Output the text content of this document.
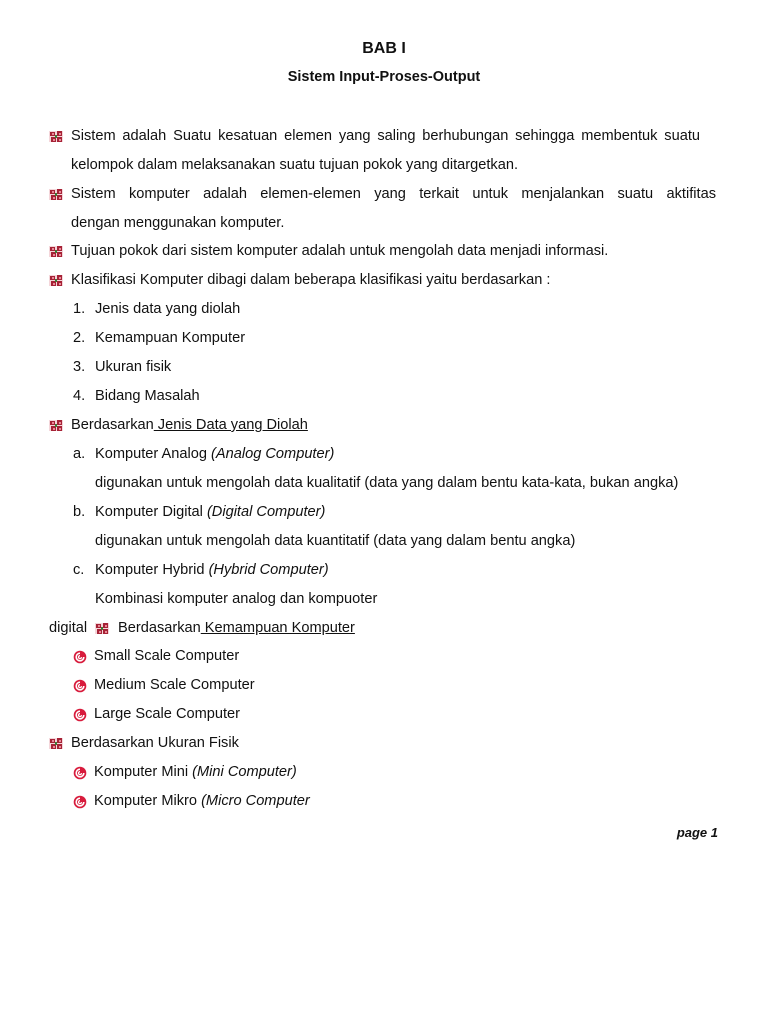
BAB I
Sistem Input-Proses-Output
Sistem adalah Suatu kesatuan elemen yang saling berhubungan sehingga membentuk suatu
kelompok dalam melaksanakan suatu tujuan pokok yang ditargetkan.
Sistem komputer adalah elemen-elemen yang terkait untuk menjalankan suatu aktifitas
dengan menggunakan komputer.
Tujuan pokok dari sistem komputer adalah untuk mengolah data menjadi informasi.
Klasifikasi Komputer dibagi dalam beberapa klasifikasi yaitu berdasarkan :
1. Jenis data yang diolah
2. Kemampuan Komputer
3. Ukuran fisik
4. Bidang Masalah
Berdasarkan Jenis Data yang Diolah
a. Komputer Analog (Analog Computer)
digunakan untuk mengolah data kualitatif (data yang dalam bentu kata-kata, bukan angka)
b. Komputer Digital (Digital Computer)
digunakan untuk mengolah data kuantitatif (data yang dalam bentu angka)
c. Komputer Hybrid (Hybrid Computer)
Kombinasi komputer analog dan kompuoter
digital Berdasarkan Kemampuan Komputer
Small Scale Computer
Medium Scale Computer
Large Scale Computer
Berdasarkan Ukuran Fisik
Komputer Mini (Mini Computer)
Komputer Mikro (Micro Computer
page 1
